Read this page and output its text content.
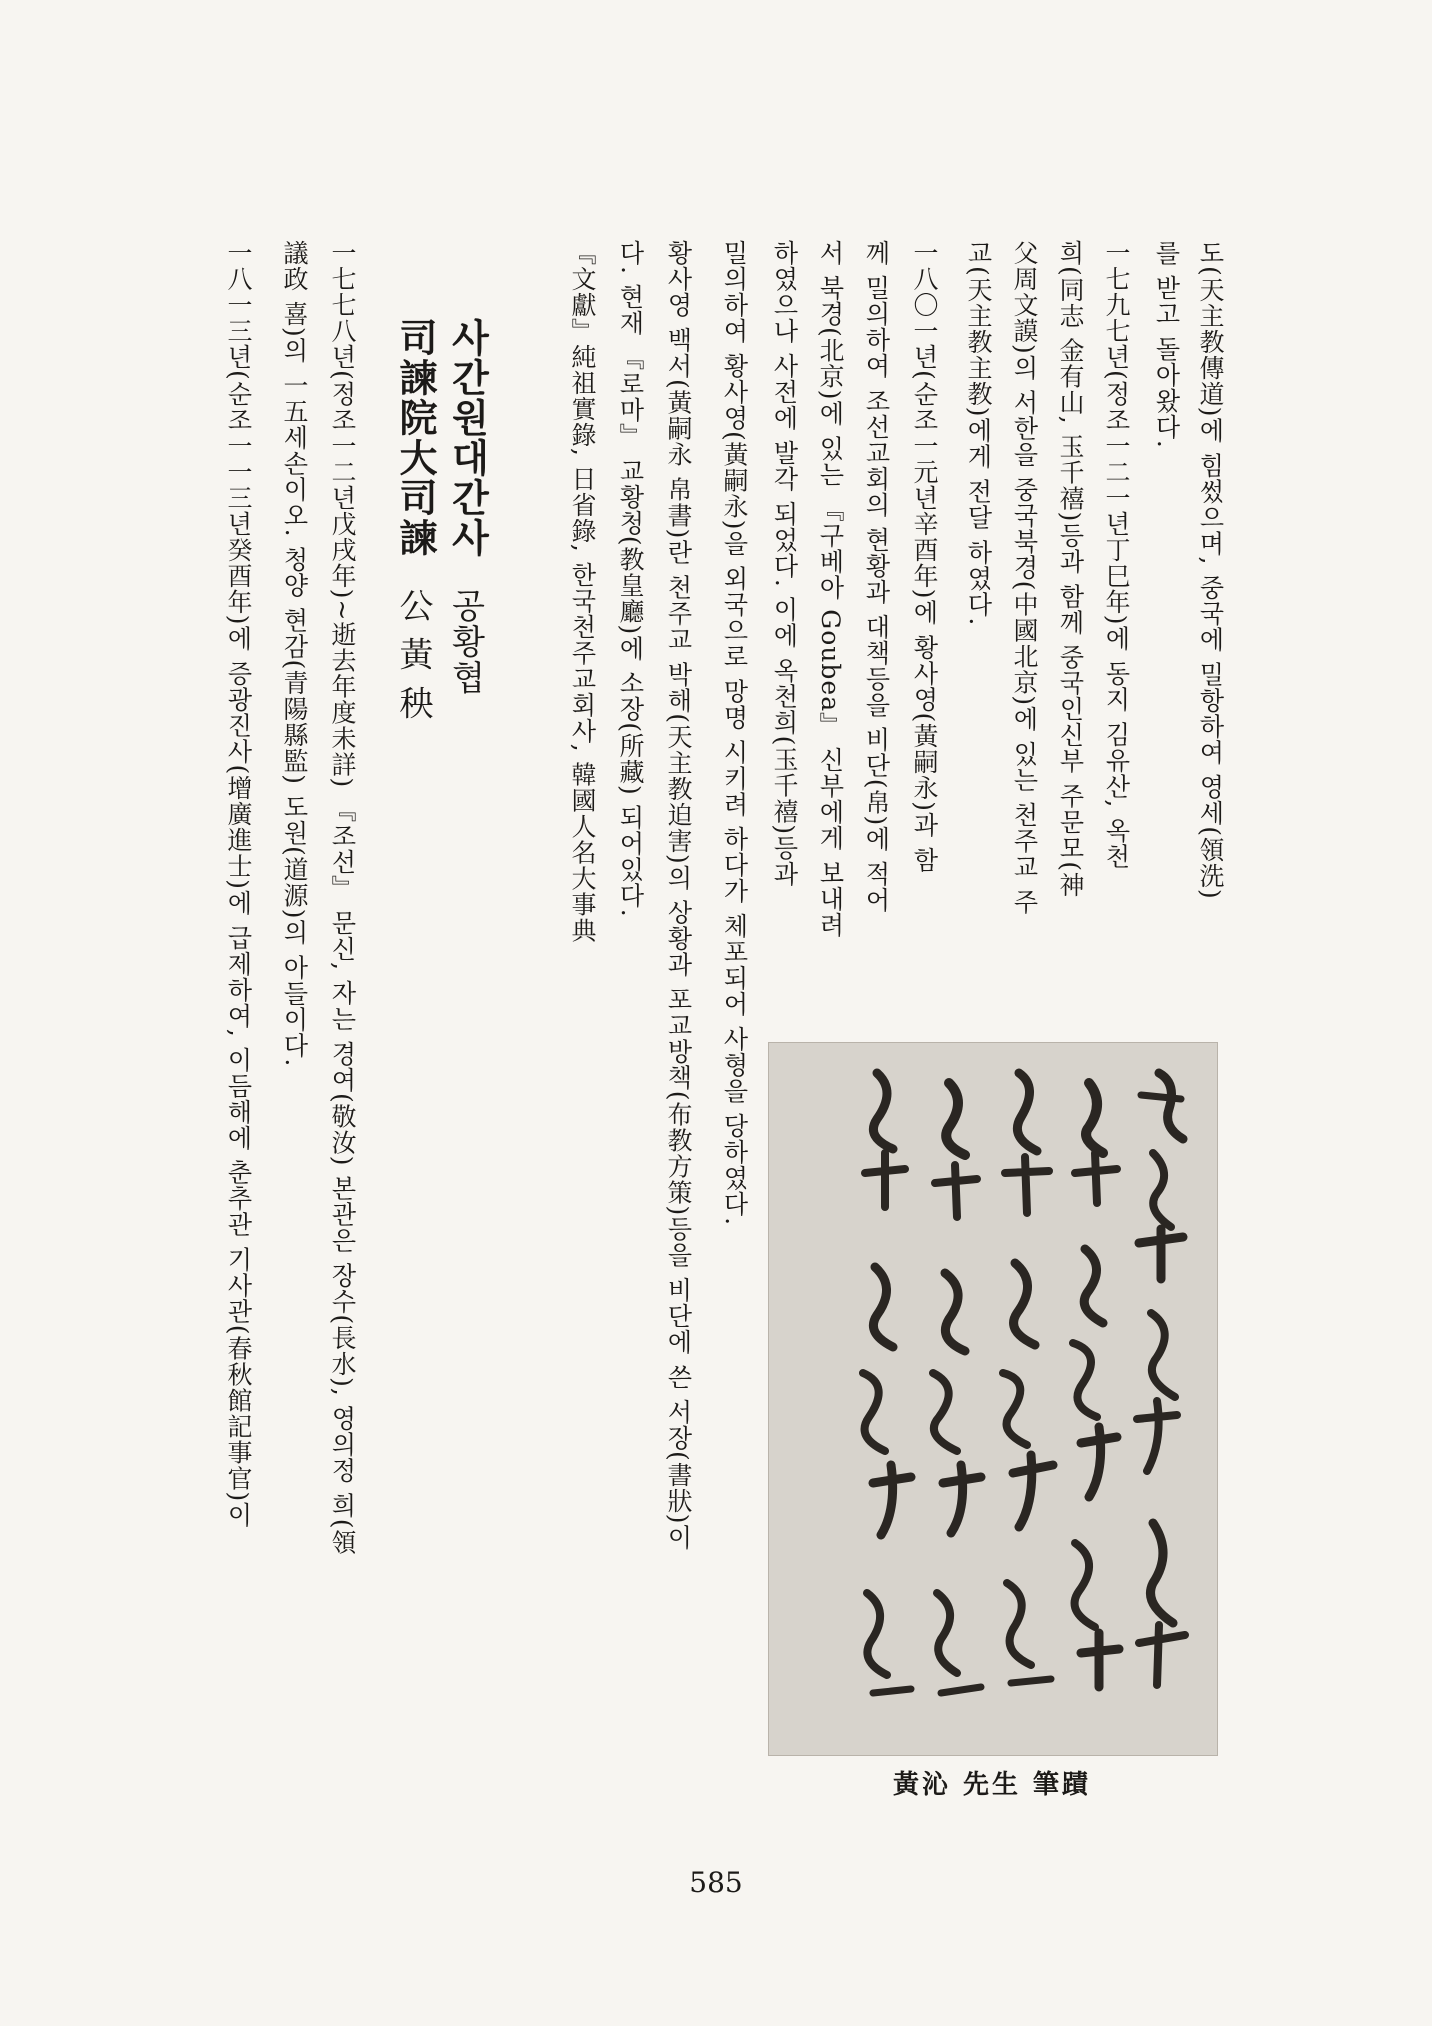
도(天主教傳道)에 힘썼으며, 중국에 밀항하여 영세(領洗)
를 받고 돌아왔다.
一七九七년(정조一二一년丁巳年)에 동지 김유산, 옥천
희(同志 金有山, 玉千禧)등과 함께 중국인신부 주문모(神
父周文謨)의 서한을 중국북경(中國北京)에 있는 천주교 주
교(天主教主教)에게 전달 하였다.
一八〇一년(순조一元년辛酉年)에 황사영(黃嗣永)과 함
께 밀의하여 조선교회의 현황과 대책등을 비단(帛)에 적어
서 북경(北京)에 있는 『구베아 Goubea』 신부에게 보내려
하였으나 사전에 발각 되었다. 이에 옥천희(玉千禧)등과
밀의하여 황사영(黃嗣永)을 외국으로 망명 시키려 하다가 체포되어 사형을 당하였다.
황사영 백서(黃嗣永 帛書)란 천주교 박해(天主教迫害)의 상황과 포교방책(布教方策)등을 비단에 쓴 서장(書狀)이
다. 현재 『로마』 교황청(教皇廳)에 소장(所藏) 되어있다.
『文獻』純祖實錄, 日省錄, 한국천주교회사, 韓國人名大事典
사간원대간사
공황협
司諫院大司諫
公 黃 秧
一七七八년(정조一二년戊戌年)~逝去年度未詳) 『조선』 문신, 자는 경여(敬汝) 본관은 장수(長水), 영의정 희(領
議政 喜)의 一五세손이오. 청양 현감(青陽縣監) 도원(道源)의 아들이다.
一八一三년(순조一一三년癸酉年)에 증광진사(增廣進士)에 급제하여, 이듬해에 춘추관 기사관(春秋館記事官)이
黃沁 先生 筆蹟
585
